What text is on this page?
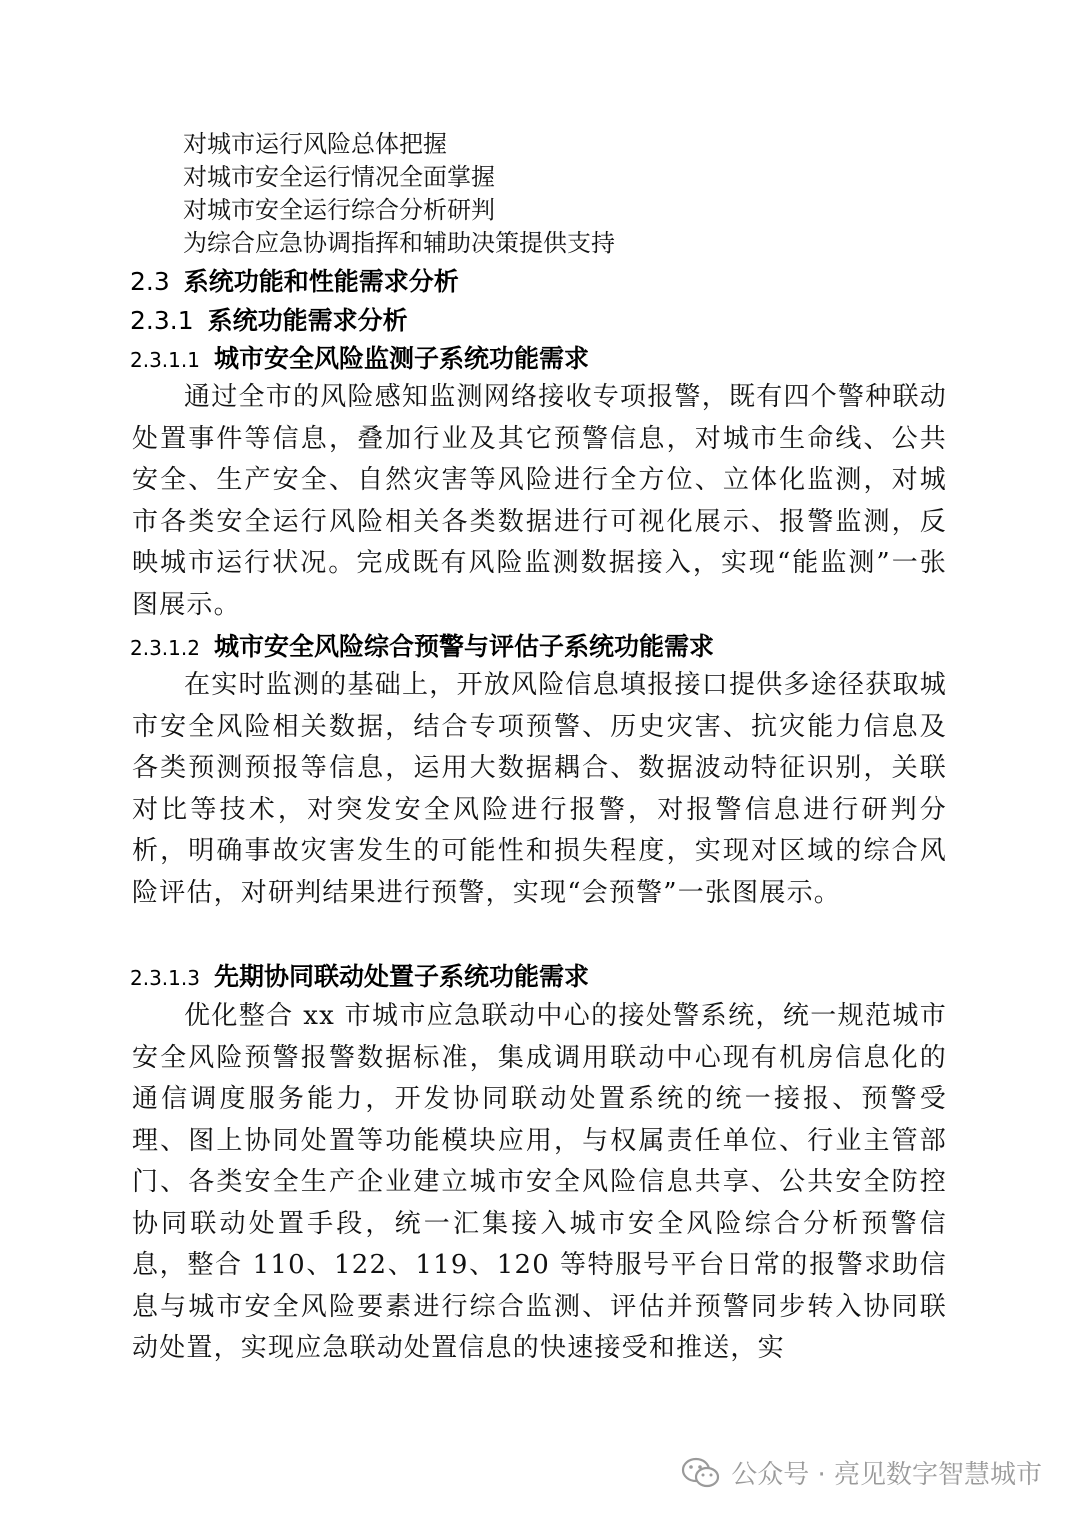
对城市运行风险总体把握
对城市安全运行情况全面掌握
对城市安全运行综合分析研判
为综合应急协调指挥和辅助决策提供支持
2.3 系统功能和性能需求分析
2.3.1 系统功能需求分析
2.3.1.1 城市安全风险监测子系统功能需求

通过全市的风险感知监测网络接收专项报警，既有四个警种联动处置事件等信息，叠加行业及其它预警信息，对城市生命线、公共安全、生产安全、自然灾害等风险进行全方位、立体化监测，对城市各类安全运行风险相关各类数据进行可视化展示、报警监测，反映城市运行状况。完成既有风险监测数据接入，实现“能监测”一张图展示。

2.3.1.2 城市安全风险综合预警与评估子系统功能需求

在实时监测的基础上，开放风险信息填报接口提供多途径获取城市安全风险相关数据，结合专项预警、历史灾害、抗灾能力信息及各类预测预报等信息，运用大数据耦合、数据波动特征识别，关联对比等技术，对突发安全风险进行报警，对报警信息进行研判分析，明确事故灾害发生的可能性和损失程度，实现对区域的综合风险评估，对研判结果进行预警，实现“会预警”一张图展示。

2.3.1.3 先期协同联动处置子系统功能需求

优化整合 xx 市城市应急联动中心的接处警系统，统一规范城市安全风险预警报警数据标准，集成调用联动中心现有机房信息化的通信调度服务能力，开发协同联动处置系统的统一接报、预警受理、图上协同处置等功能模块应用，与权属责任单位、行业主管部门、各类安全生产企业建立城市安全风险信息共享、公共安全防控协同联动处置手段，统一汇集接入城市安全风险综合分析预警信息，整合 110、122、119、120 等特服号平台日常的报警求助信息与城市安全风险要素进行综合监测、评估并预警同步转入协同联动处置，实现应急联动处置信息的快速接受和推送，实

公众号 · 亮见数字智慧城市
